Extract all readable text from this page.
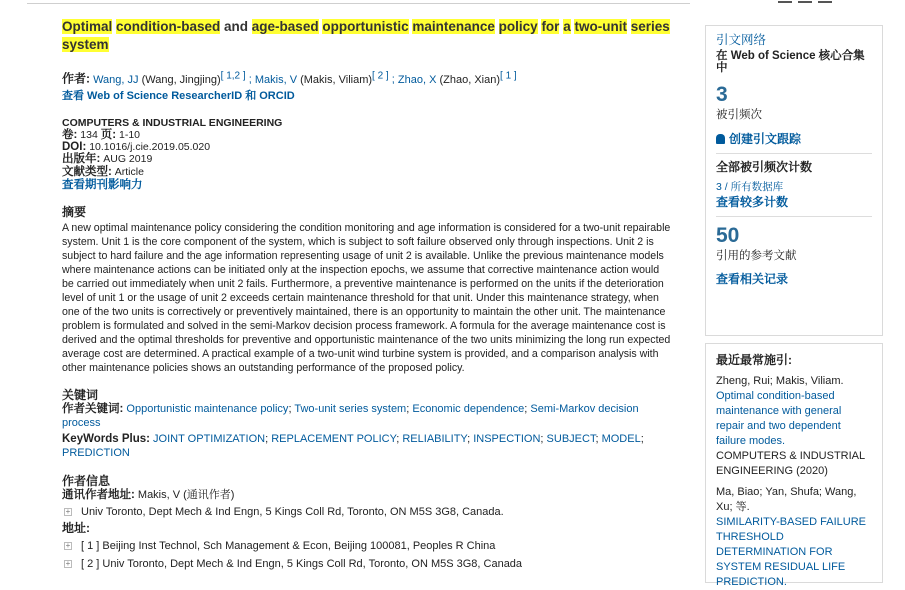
Optimal condition-based and age-based opportunistic maintenance policy for a two-unit series system
作者: Wang, JJ (Wang, Jingjing)[ 1,2 ] ; Makis, V (Makis, Viliam)[ 2 ] ; Zhao, X (Zhao, Xian)[ 1 ]
查看 Web of Science ResearcherID 和 ORCID
COMPUTERS & INDUSTRIAL ENGINEERING
卷: 134 页: 1-10
DOI: 10.1016/j.cie.2019.05.020
出版年: AUG 2019
文献类型: Article
查看期刊影响力
摘要
A new optimal maintenance policy considering the condition monitoring and age information is considered for a two-unit repairable system. Unit 1 is the core component of the system, which is subject to soft failure observed only through inspections. Unit 2 is subject to hard failure and the age information representing usage of unit 2 is available. Unlike the previous maintenance models where maintenance actions can be initiated only at the inspection epochs, we assume that corrective maintenance action would be carried out immediately when unit 2 fails. Furthermore, a preventive maintenance is performed on the units if the deterioration level of unit 1 or the usage of unit 2 exceeds certain maintenance threshold for that unit. Under this maintenance strategy, when one of the two units is correctively or preventively maintained, there is an opportunity to maintain the other unit. The maintenance problem is formulated and solved in the semi-Markov decision process framework. A formula for the average maintenance cost is derived and the optimal thresholds for preventive and opportunistic maintenance of the two units minimizing the long run expected average cost are determined. A practical example of a two-unit wind turbine system is provided, and a comparison analysis with other maintenance policies shows an outstanding performance of the proposed policy.
关键词
作者关键词: Opportunistic maintenance policy; Two-unit series system; Economic dependence; Semi-Markov decision process
KeyWords Plus: JOINT OPTIMIZATION; REPLACEMENT POLICY; RELIABILITY; INSPECTION; SUBJECT; MODEL; PREDICTION
作者信息
通讯作者地址: Makis, V (通讯作者)
+ Univ Toronto, Dept Mech & Ind Engn, 5 Kings Coll Rd, Toronto, ON M5S 3G8, Canada.
地址:
+ [ 1 ] Beijing Inst Technol, Sch Management & Econ, Beijing 100081, Peoples R China
+ [ 2 ] Univ Toronto, Dept Mech & Ind Engn, 5 Kings Coll Rd, Toronto, ON M5S 3G8, Canada
引文网络
在 Web of Science 核心合集中
3
被引频次
创建引文跟踪
全部被引频次计数
3 / 所有数据库
查看较多计数
50
引用的参考文献
查看相关记录
最近最常施引:
Zheng, Rui; Makis, Viliam.
Optimal condition-based maintenance with general repair and two dependent failure modes.
COMPUTERS & INDUSTRIAL ENGINEERING (2020)
Ma, Biao; Yan, Shufa; Wang, Xu; 等.
SIMILARITY-BASED FAILURE THRESHOLD DETERMINATION FOR SYSTEM RESIDUAL LIFE PREDICTION.
